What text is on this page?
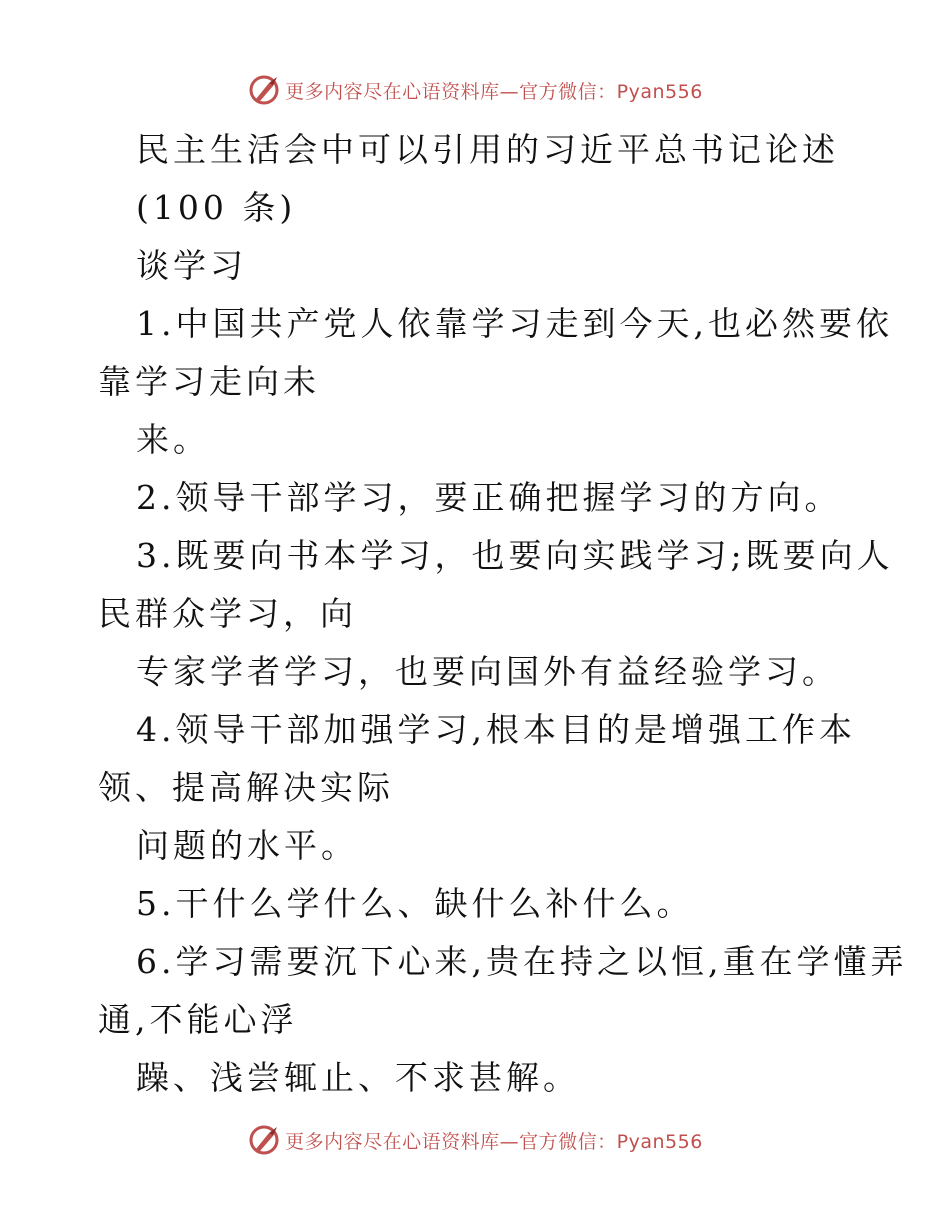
更多内容尽在心语资料库—官方微信：Pyan556
民主生活会中可以引用的习近平总书记论述
(100 条)
谈学习
1.中国共产党人依靠学习走到今天,也必然要依
靠学习走向未
来。
2.领导干部学习，要正确把握学习的方向。
3.既要向书本学习，也要向实践学习;既要向人
民群众学习，向
专家学者学习，也要向国外有益经验学习。
4.领导干部加强学习,根本目的是增强工作本
领、提高解决实际
问题的水平。
5.干什么学什么、缺什么补什么。
6.学习需要沉下心来,贵在持之以恒,重在学懂弄
通,不能心浮
躁、浅尝辄止、不求甚解。
更多内容尽在心语资料库—官方微信：Pyan556
